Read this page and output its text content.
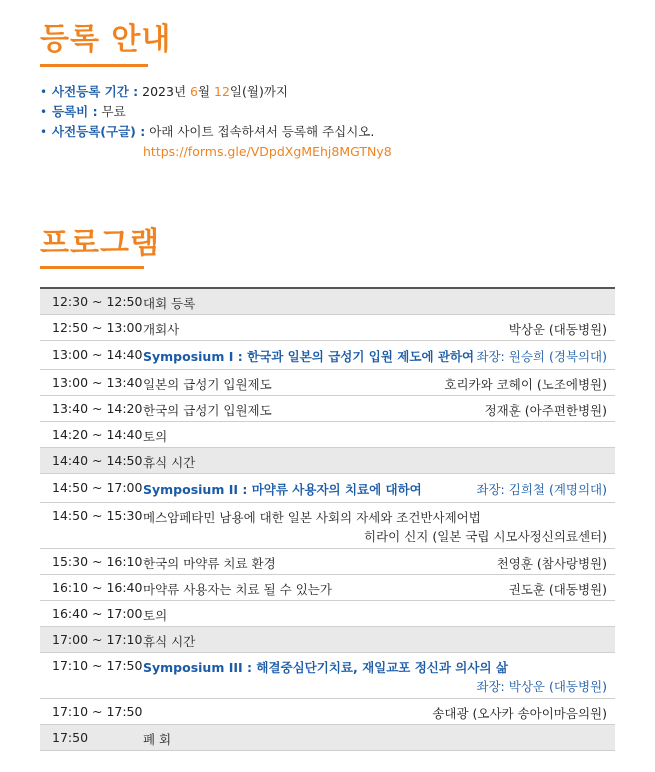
등록 안내
• 사전등록 기간 : 2023년 6월 12일(월)까지
• 등록비 : 무료
• 사전등록(구글) : 아래 사이트 접속하셔서 등록해 주십시오.
https://forms.gle/VDpdXgMEhj8MGTNy8
프로그램
12:30 ~ 12:50 대회 등록
12:50 ~ 13:00 개회사	박상운 (대동병원)
13:00 ~ 14:40 Symposium I : 한국과 일본의 급성기 입원 제도에 관하여 좌장: 원승희 (경북의대)
13:00 ~ 13:40 일본의 급성기 입원제도	호리카와 코헤이 (노조에병원)
13:40 ~ 14:20 한국의 급성기 입원제도	정재훈 (아주편한병원)
14:20 ~ 14:40 토의
14:40 ~ 14:50 휴식 시간
14:50 ~ 17:00 Symposium II : 마약류 사용자의 치료에 대하여	좌장: 김희철 (계명의대)
14:50 ~ 15:30 메스암페타민 남용에 대한 일본 사회의 자세와 조건반사제어법
히라이 신지 (일본 국립 시모사정신의료센터)
15:30 ~ 16:10 한국의 마약류 치료 환경	천영훈 (참사랑병원)
16:10 ~ 16:40 마약류 사용자는 치료 될 수 있는가	권도훈 (대동병원)
16:40 ~ 17:00 토의
17:00 ~ 17:10 휴식 시간
17:10 ~ 17:50 Symposium III : 해결중심단기치료, 재일교포 정신과 의사의 삶
좌장: 박상운 (대동병원)
17:10 ~ 17:50	송대광 (오사카 송아이마음의원)
17:50	폐 회
